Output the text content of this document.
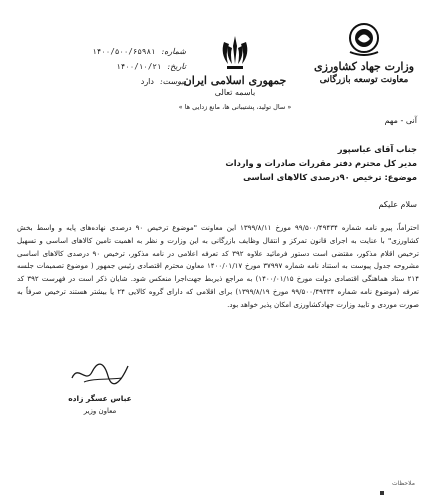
وزارت جهاد کشاورزی
معاونت توسعه بازرگانی
جمهوری اسلامی ایران
باسمه تعالی
« سال تولید، پشتیبانی ها، مانع زدایی ها »
شماره:
۱۴۰۰/۵۰۰/۶۵۹۸۱
تاریخ:
۱۴۰۰/۱۰/۲۱
پیوست:
دارد
آنی - مهم
جناب آقای عباسپور
مدیر کل محترم دفتر مقررات صادرات و واردات
موضوع: ترخیص ۹۰درصدی کالاهای اساسی
سلام علیکم
احتراماً، پیرو نامه شماره ۹۹/۵۰۰/۴۹۴۳۴ مورخ ۱۳۹۹/۸/۱۱ این معاونت "موضوع ترخیص ۹۰ درصدی نهاده‌های پایه و واسط بخش کشاورزی" با عنایت به اجرای قانون تمرکز و انتقال وظایف بازرگانی به این وزارت و نظر به اهمیت تامین کالاهای اساسی و تسهیل ترخیص اقلام مذکور، مقتضی است دستور فرمائید علاوه ۳۹۲ کد تعرفه اعلامی در نامه مذکور، ترخیص ۹۰ درصدی کالاهای اساسی مشروحه جدول پیوست به استناد نامه شماره ۳۷۹۹۷ مورخ ۱۴۰۰/۰۱/۱۷ معاون محترم اقتصادی رئیس جمهور ( موضوع تصمیمات جلسه ۲۱۴ ستاد هماهنگی اقتصادی دولت مورخ ۱۴۰۰/۰۱/۱۵) به مراجع ذیربط جهت‌اجرا منعکس شود. شایان ذکر است در فهرست ۳۹۲ کد تعرفه (موضوع نامه شماره ۹۹/۵۰۰/۴۹۴۳۴ مورخ ۱۳۹۹/۸/۱۹) برای اقلامی که دارای گروه کالایی ۲۴ یا بیشتر هستند ترخیص صرفاً به صورت موردی و تایید وزارت جهادکشاورزی امکان پذیر خواهد بود.
عباس عسگر زاده
معاون وزیر
ملاحظات
